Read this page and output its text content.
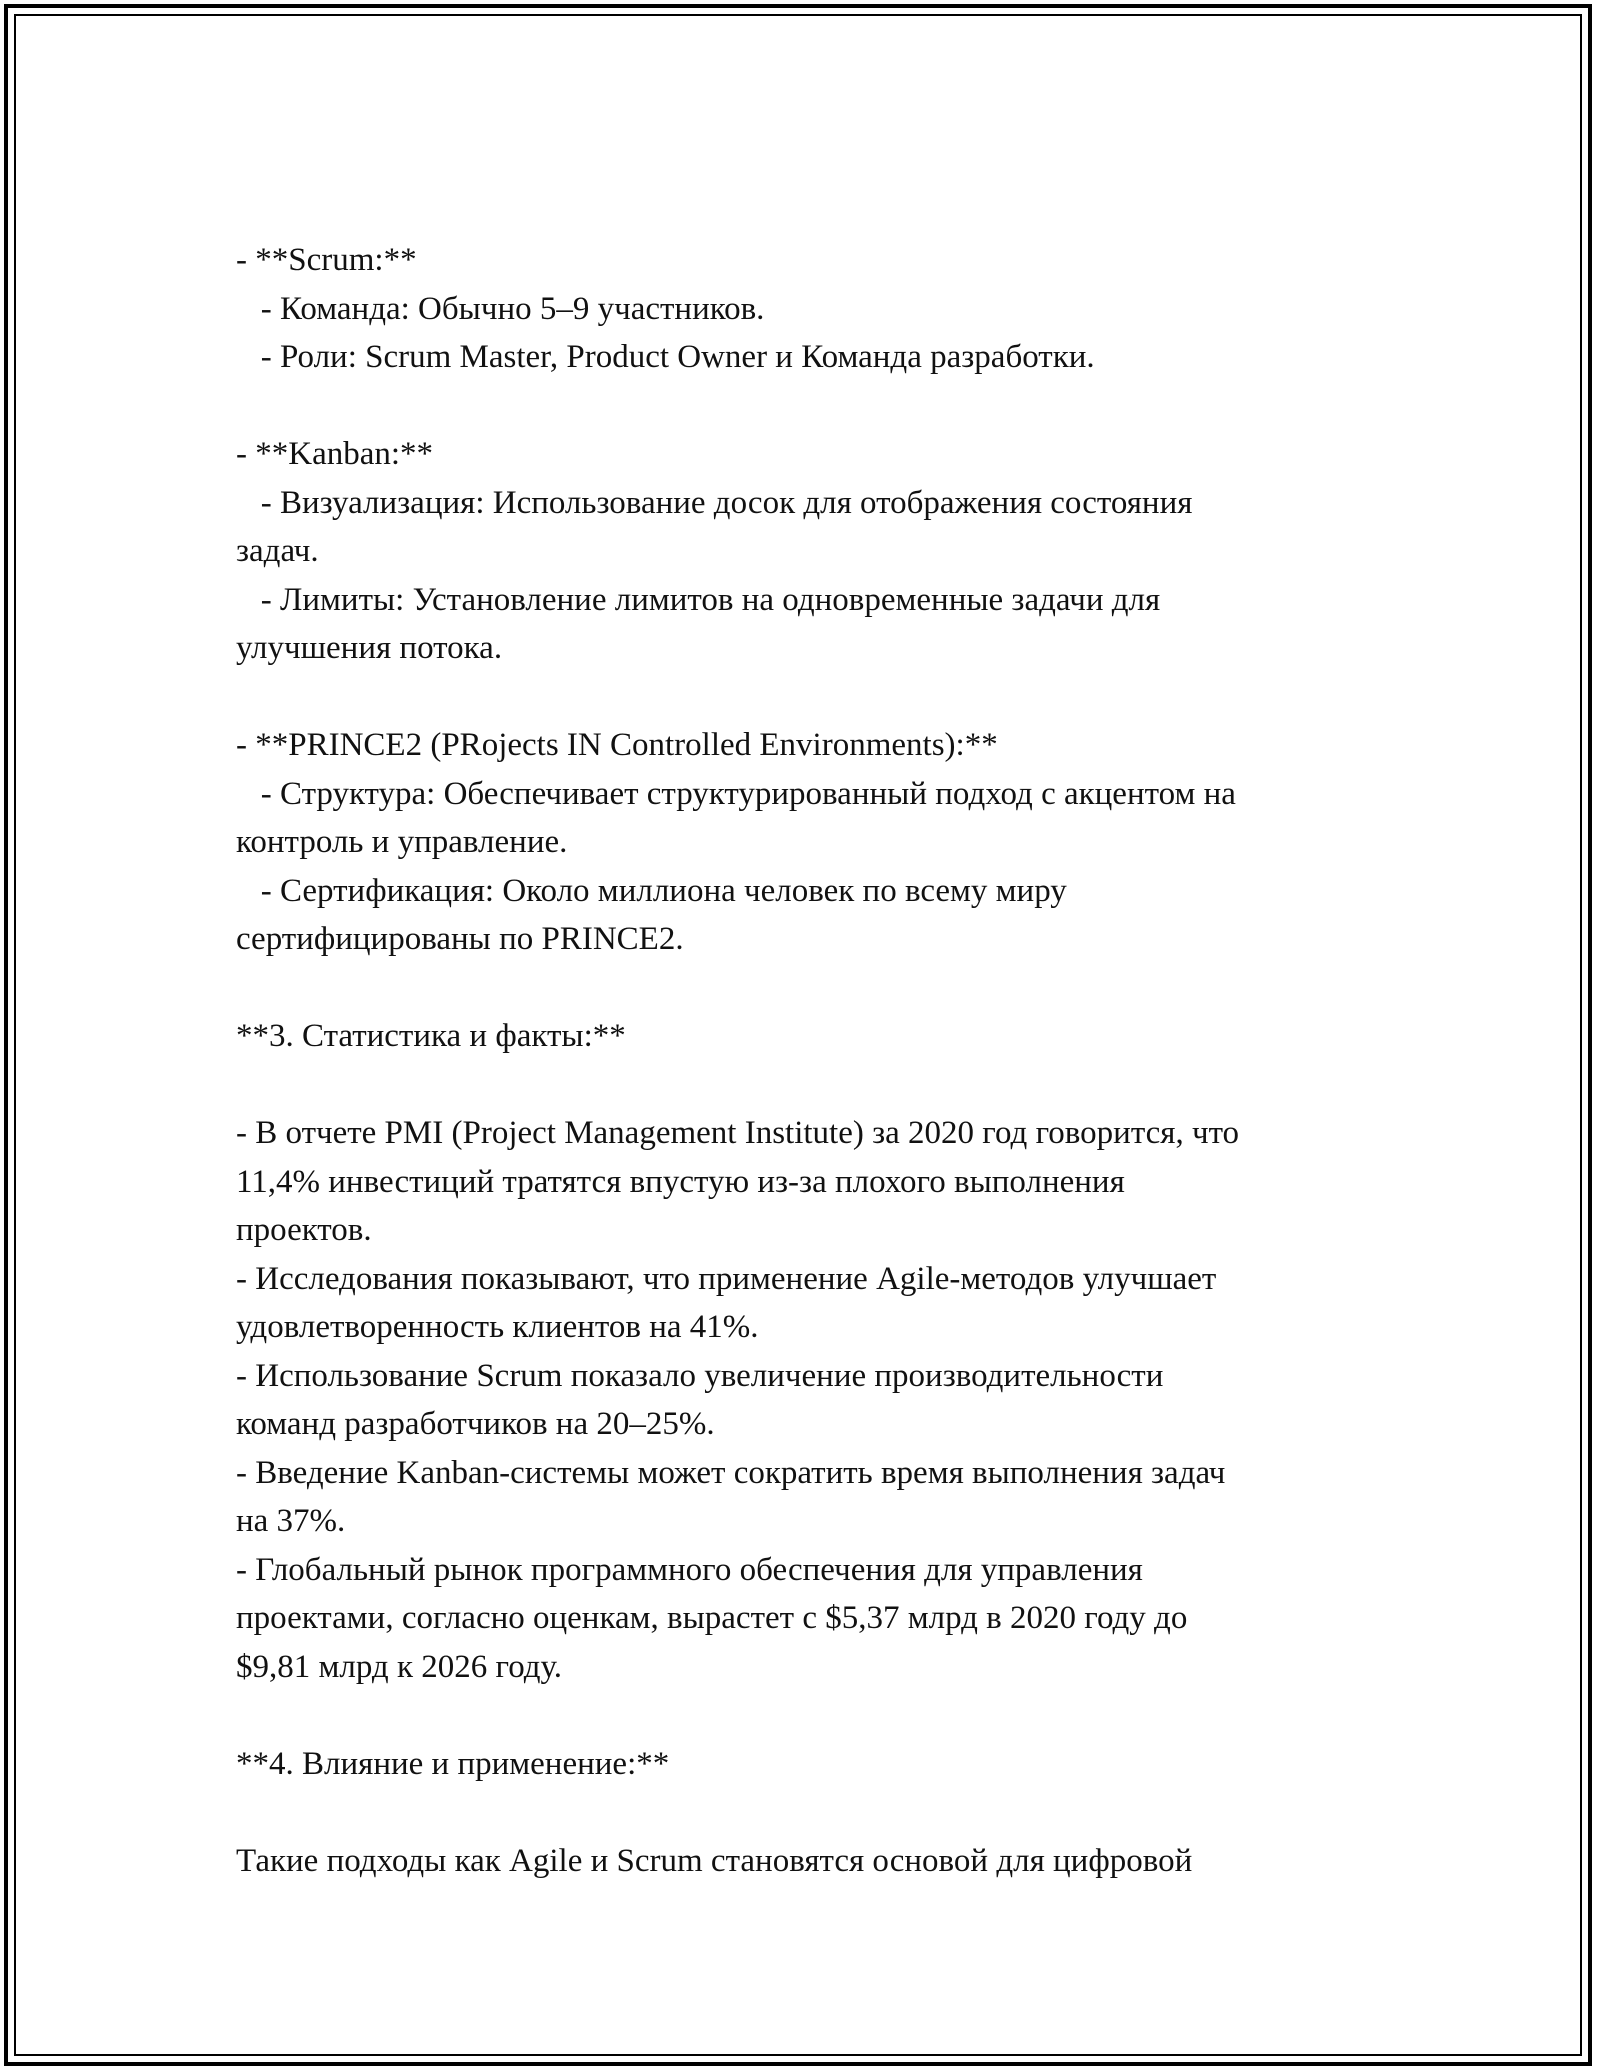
- **Scrum:**
- Команда: Обычно 5–9 участников.
- Роли: Scrum Master, Product Owner и Команда разработки.
- **Kanban:**
- Визуализация: Использование досок для отображения состояния
задач.
- Лимиты: Установление лимитов на одновременные задачи для
улучшения потока.
- **PRINCE2 (PRojects IN Controlled Environments):**
- Структура: Обеспечивает структурированный подход с акцентом на
контроль и управление.
- Сертификация: Около миллиона человек по всему миру
сертифицированы по PRINCE2.
**3. Статистика и факты:**
- В отчете PMI (Project Management Institute) за 2020 год говорится, что
11,4% инвестиций тратятся впустую из-за плохого выполнения
проектов.
- Исследования показывают, что применение Agile-методов улучшает
удовлетворенность клиентов на 41%.
- Использование Scrum показало увеличение производительности
команд разработчиков на 20–25%.
- Введение Kanban-системы может сократить время выполнения задач
на 37%.
- Глобальный рынок программного обеспечения для управления
проектами, согласно оценкам, вырастет с $5,37 млрд в 2020 году до
$9,81 млрд к 2026 году.
**4. Влияние и применение:**
Такие подходы как Agile и Scrum становятся основой для цифровой
